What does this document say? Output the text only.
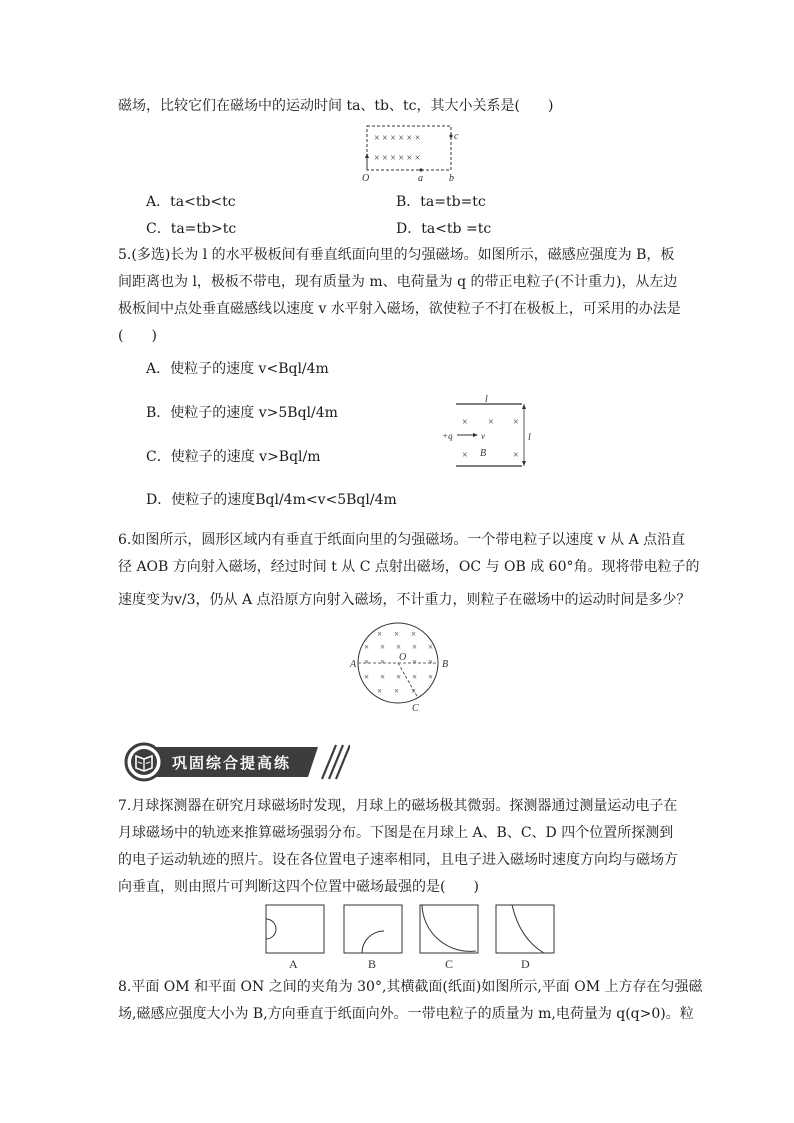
磁场，比较它们在磁场中的运动时间 ta、tb、tc，其大小关系是(　　)
× × × × × ×
× × × × × ×
O	a	b
c
A．ta<tb<tc	B．ta=tb=tc
C．ta=tb>tc	D．ta<tb =tc
5.(多选)长为 l 的水平极板间有垂直纸面向里的匀强磁场。如图所示，磁感应强度为 B，板
间距离也为 l，极板不带电，现有质量为 m、电荷量为 q 的带正电粒子(不计重力)，从左边
极板间中点处垂直磁感线以速度 v 水平射入磁场，欲使粒子不打在极板上，可采用的办法是
(　　)
A．使粒子的速度 v<Bql/4m
B．使粒子的速度 v>5Bql/4m
C．使粒子的速度 v>Bql/m
D．使粒子的速度Bql/4m<v<5Bql/4m
l
l
× × ×
×	×
+q	v
B
6.如图所示，圆形区域内有垂直于纸面向里的匀强磁场。一个带电粒子以速度 v 从 A 点沿直
径 AOB 方向射入磁场，经过时间 t 从 C 点射出磁场，OC 与 OB 成 60°角。现将带电粒子的
速度变为v/3，仍从 A 点沿原方向射入磁场，不计重力，则粒子在磁场中的运动时间是多少？
× × ×
× × × × ×
× ×	× ×
× × × × ×
× × ×
A	B
O
C
巩固综合提高练
7.月球探测器在研究月球磁场时发现，月球上的磁场极其微弱。探测器通过测量运动电子在
月球磁场中的轨迹来推算磁场强弱分布。下图是在月球上 A、B、C、D 四个位置所探测到
的电子运动轨迹的照片。设在各位置电子速率相同，且电子进入磁场时速度方向均与磁场方
向垂直，则由照片可判断这四个位置中磁场最强的是(　　)
A	B	C	D
8.平面 OM 和平面 ON 之间的夹角为 30°,其横截面(纸面)如图所示,平面 OM 上方存在匀强磁
场,磁感应强度大小为 B,方向垂直于纸面向外。一带电粒子的质量为 m,电荷量为 q(q>0)。粒
